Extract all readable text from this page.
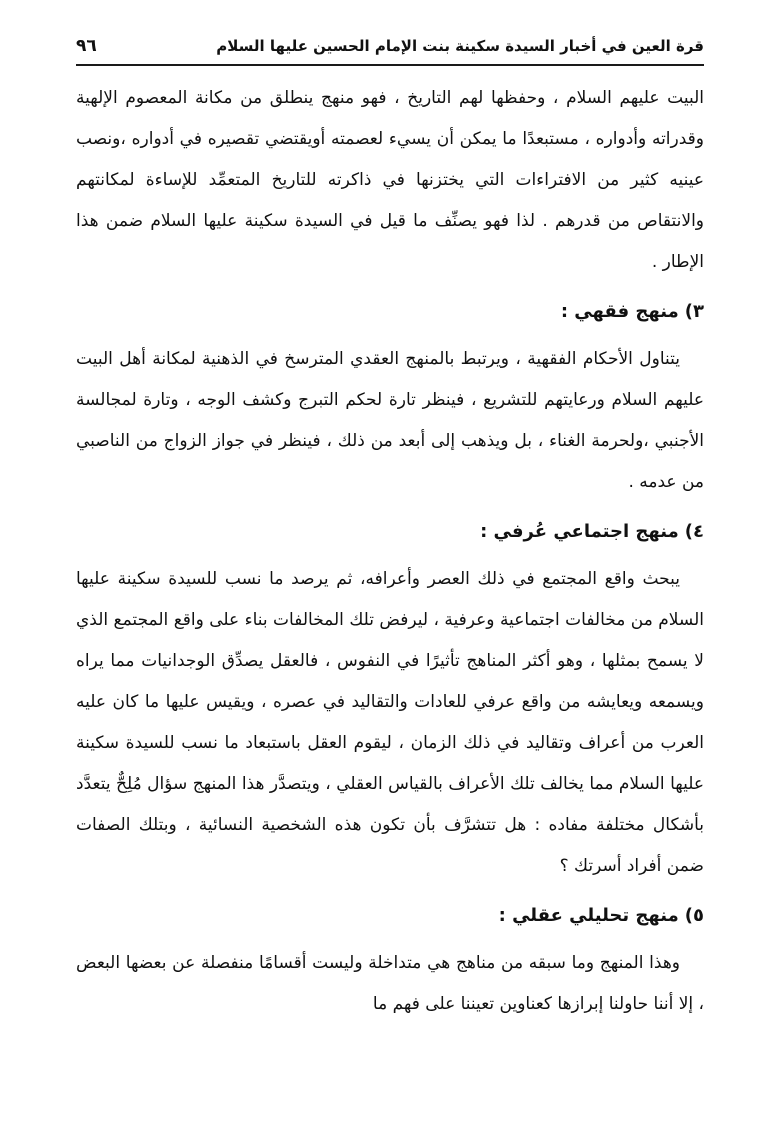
قرة العين في أخبار السيدة سكينة بنت الإمام الحسين عليها السلام
٩٦

البيت عليهم السلام ، وحفظها لهم التاريخ ، فهو منهج ينطلق من مكانة المعصوم الإلهية وقدراته وأدواره ، مستبعدًا ما يمكن أن يسيء لعصمته أويقتضي تقصيره في أدواره ،ونصب عينيه كثير من الافتراءات التي يختزنها في ذاكرته للتاريخ المتعمِّد للإساءة لمكانتهم والانتقاص من قدرهم . لذا فهو يصنِّف ما قيل في السيدة سكينة عليها السلام ضمن هذا الإطار .

٣)
منهج فقهي :

يتناول الأحكام الفقهية ، ويرتبط بالمنهج العقدي المترسخ في الذهنية لمكانة أهل البيت عليهم السلام ورعايتهم للتشريع ، فينظر تارة لحكم التبرج وكشف الوجه ، وتارة لمجالسة الأجنبي ،ولحرمة الغناء ، بل ويذهب إلى أبعد من ذلك ، فينظر في جواز الزواج من الناصبي من عدمه .

٤)
منهج اجتماعي عُرفي :

يبحث واقع المجتمع في ذلك العصر وأعرافه، ثم يرصد ما نسب للسيدة سكينة عليها السلام من مخالفات اجتماعية وعرفية ، ليرفض تلك المخالفات بناء على واقع المجتمع الذي لا يسمح بمثلها ، وهو أكثر المناهج تأثيرًا في النفوس ، فالعقل يصدِّق الوجدانيات مما يراه ويسمعه ويعايشه من واقع عرفي للعادات والتقاليد في عصره ، ويقيس عليها ما كان عليه العرب من أعراف وتقاليد في ذلك الزمان ، ليقوم العقل باستبعاد ما نسب للسيدة سكينة عليها السلام مما يخالف تلك الأعراف بالقياس العقلي ، ويتصدَّر هذا المنهج سؤال مُلِحٌّ يتعدَّد بأشكال مختلفة مفاده : هل تتشرَّف بأن تكون هذه الشخصية النسائية ، وبتلك الصفات ضمن أفراد أسرتك ؟

٥)
منهج تحليلي عقلي :

وهذا المنهج وما سبقه من مناهج هي متداخلة وليست أقسامًا منفصلة عن بعضها البعض ، إلا أننا حاولنا إبرازها كعناوين تعيننا على فهم ما
